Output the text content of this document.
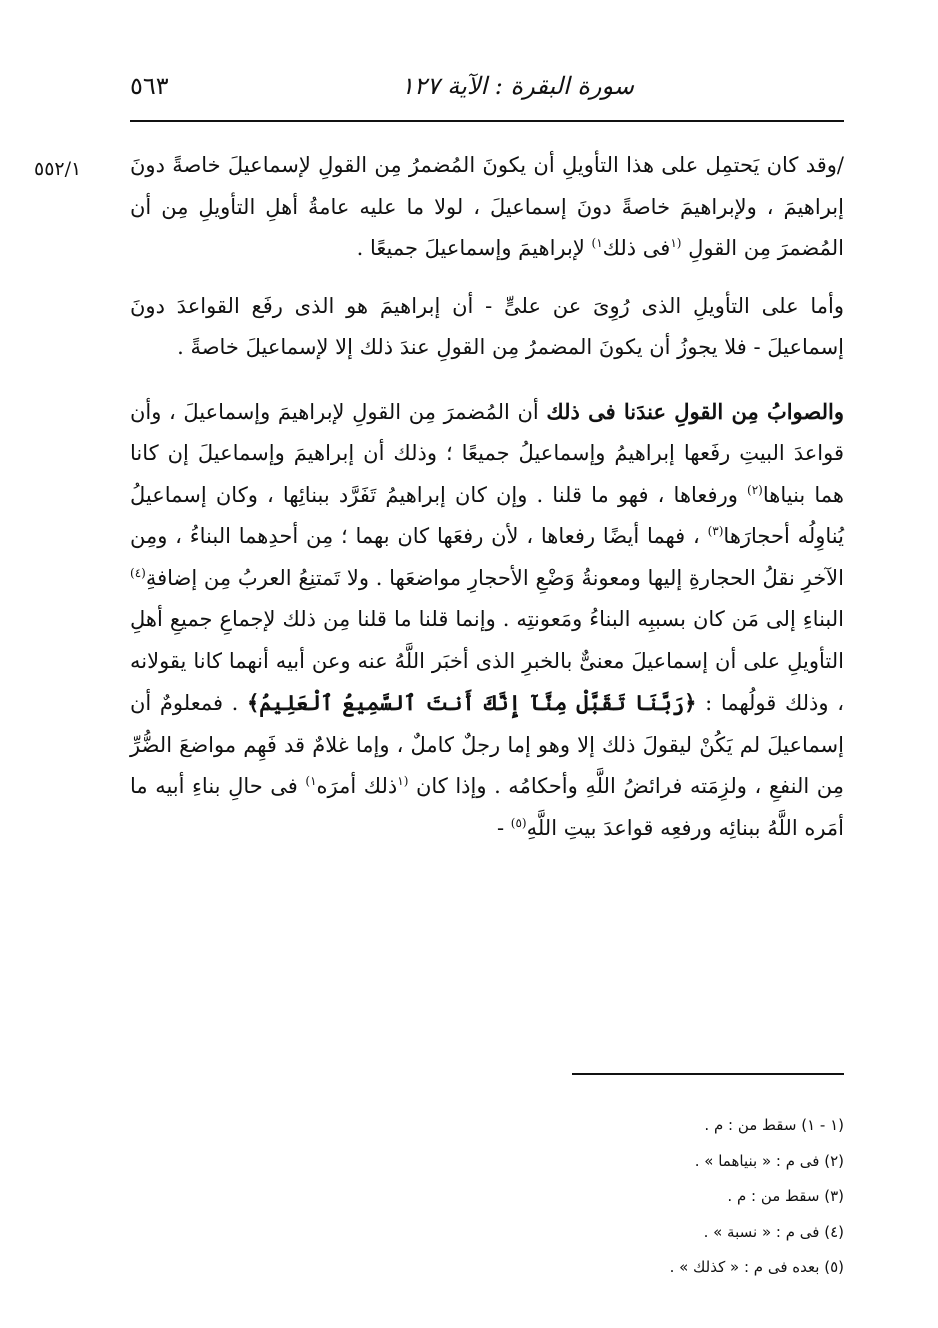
سورة البقرة : الآية ١٢٧
٥٦٣
٥٥٢/١ /وقد كان يَحتمِل على هذا التأويلِ أن يكونَ المُضمرُ مِن القولِ لإسماعيلَ خاصةً دونَ إبراهيمَ ، ولإبراهيمَ خاصةً دونَ إسماعيلَ ، لولا ما عليه عامةُ أهلِ التأويلِ مِن أن المُضمرَ مِن القولِ $^{(١}$فى ذلك$^{١)}$ لإبراهيمَ وإسماعيلَ جميعًا .

وأما على التأويلِ الذى رُوِىَ عن علىٍّ - أن إبراهيمَ هو الذى رفَع القواعدَ دونَ إسماعيلَ - فلا يجوزُ أن يكونَ المضمرُ مِن القولِ عندَ ذلك إلا لإسماعيلَ خاصةً .

والصوابُ مِن القولِ عندَنا فى ذلك أن المُضمرَ مِن القولِ لإبراهيمَ وإسماعيلَ ، وأن قواعدَ البيتِ رفَعها إبراهيمُ وإسماعيلُ جميعًا ؛ وذلك أن إبراهيمَ وإسماعيلَ إن كانا هما بنياها$^{(٢)}$ ورفعاها ، فهو ما قلنا . وإن كان إبراهيمُ تَفَرَّد ببنائِها ، وكان إسماعيلُ يُناوِلُه أحجارَها$^{(٣)}$ ، فهما أيضًا رفعاها ، لأن رفعَها كان بهما ؛ مِن أحدِهما البناءُ ، ومِن الآخرِ نقلُ الحجارةِ إليها ومعونةُ وَضْعِ الأحجارِ مواضعَها . ولا تَمتنِعُ العربُ مِن إضافةِ$^{(٤)}$ البناءِ إلى مَن كان بسببِه البناءُ ومَعونتِه . وإنما قلنا ما قلنا مِن ذلك لإجماعِ جميعِ أهلِ التأويلِ على أن إسماعيلَ معنىٌّ بالخبرِ الذى أخبَر اللَّهُ عنه وعن أبيه أنهما كانا يقولانه ، وذلك قولُهما : ﴿رَبَّنَا تَقَبَّلْ مِنَّآ إِنَّكَ أَنتَ ٱلسَّمِيعُ ٱلْعَلِيمُ﴾ . فمعلومٌ أن إسماعيلَ لم يَكُنْ ليقولَ ذلك إلا وهو إما رجلٌ كاملٌ ، وإما غلامٌ قد فَهِم مواضعَ الضُّرِّ مِن النفعِ ، ولزِمَته فرائضُ اللَّهِ وأحكامُه . وإذا كان $^{(١}$ذلك أمرَه$^{١)}$ فى حالِ بناءِ أبيه ما أمَره اللَّهُ ببنائِه ورفعِه قواعدَ بيتِ اللَّهِ$^{(٥)}$ -

(١ - ١) سقط من : م .

(٢) فى م : « بنياهما » .

(٣) سقط من : م .

(٤) فى م : « نسبة » .

(٥) بعده فى م : « كذلك » .
